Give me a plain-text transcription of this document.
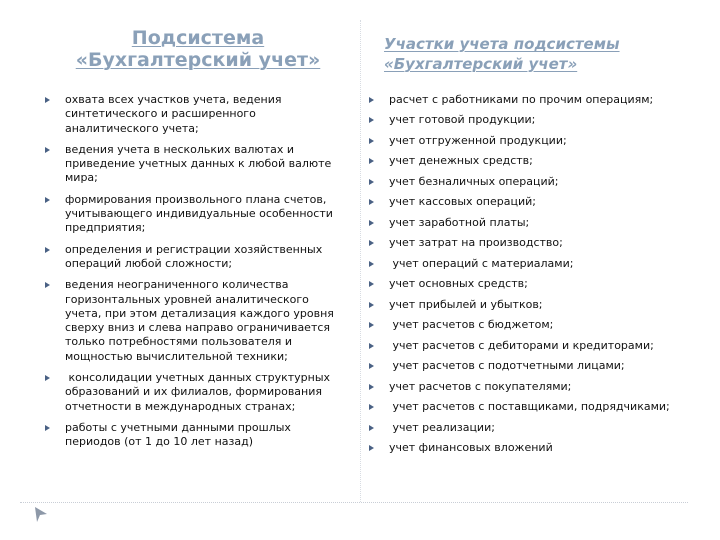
Подсистема «Бухгалтерский учет»
Участки учета подсистемы «Бухгалтерский учет»
охвата всех участков учета, ведения синтетического и расширенного аналитического учета;
ведения учета в нескольких валютах и приведение учетных данных к любой валюте мира;
формирования произвольного плана счетов, учитывающего индивидуальные особенности предприятия;
определения и регистрации хозяйственных операций любой сложности;
ведения неограниченного количества горизонтальных уровней аналитического учета, при этом детализация каждого уровня сверху вниз и слева направо ограничивается только потребностями пользователя и мощностью вычислительной техники;
консолидации учетных данных структурных образований и их филиалов, формирования отчетности в международных странах;
работы с учетными данными прошлых периодов (от 1 до 10 лет назад)
расчет с работниками по прочим операциям;
учет готовой продукции;
учет отгруженной продукции;
учет денежных средств;
учет безналичных операций;
учет кассовых операций;
учет заработной платы;
учет затрат на производство;
учет операций с материалами;
учет основных средств;
учет прибылей и убытков;
учет расчетов с бюджетом;
учет расчетов с дебиторами и кредиторами;
учет расчетов с подотчетными лицами;
учет расчетов с покупателями;
учет расчетов с поставщиками, подрядчиками;
учет реализации;
учет финансовых вложений
